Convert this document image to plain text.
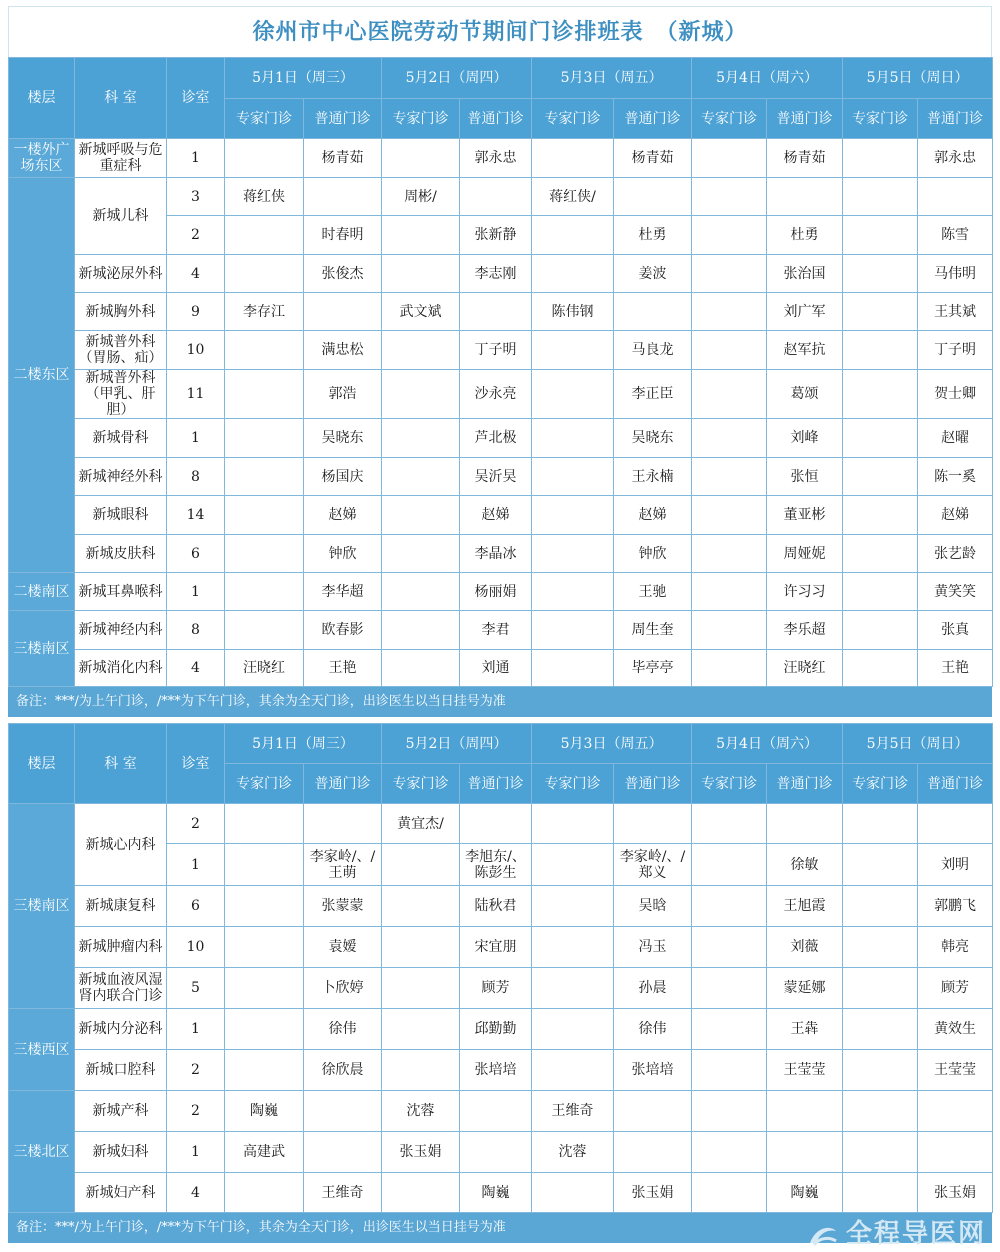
徐州市中心医院劳动节期间门诊排班表　（新城）
楼层	科 室	诊室	5月1日（周三）		5月2日（周四）		5月3日（周五）		5月4日（周六）		5月5日（周日）	
			专家门诊	普通门诊	专家门诊	普通门诊	专家门诊	普通门诊	专家门诊	普通门诊	专家门诊	普通门诊
一楼外广场东区	新城呼吸与危重症科	1		杨青茹		郭永忠		杨青茹		杨青茹		郭永忠
二楼东区	新城儿科	3	蒋红侠		周彬/		蒋红侠/					
		2		时春明		张新静		杜勇		杜勇		陈雪
	新城泌尿外科	4		张俊杰		李志刚		姜波		张治国		马伟明
	新城胸外科	9	李存江		武文斌		陈伟钢			刘广军		王其斌
	新城普外科（胃肠、疝）	10		满忠松		丁子明		马良龙		赵军抗		丁子明
	新城普外科 （甲乳、肝胆）	11		郭浩		沙永亮		李正臣		葛颂		贺士卿
	新城骨科	1		吴晓东		芦北极		吴晓东		刘峰		赵曜
	新城神经外科	8		杨国庆		吴沂旲		王永楠		张恒		陈一奚
	新城眼科	14		赵娣		赵娣		赵娣		董亚彬		赵娣
	新城皮肤科	6		钟欣		李晶冰		钟欣		周娅妮		张艺龄
二楼南区	新城耳鼻喉科	1		李华超		杨丽娟		王驰		许习习		黄笑笑
三楼南区	新城神经内科	8		欧春影		李君		周生奎		李乐超		张真
	新城消化内科	4	汪晓红	王艳		刘通		毕亭亭		汪晓红		王艳
备注：***/为上午门诊，/***为下午门诊，其余为全天门诊，出诊医生以当日挂号为准
楼层	科 室	诊室	5月1日（周三）		5月2日（周四）		5月3日（周五）		5月4日（周六）		5月5日（周日）	
			专家门诊	普通门诊	专家门诊	普通门诊	专家门诊	普通门诊	专家门诊	普通门诊	专家门诊	普通门诊
三楼南区	新城心内科	2			黄宜杰/							
		1		李家岭/、/王萌		李旭东/、陈彭生		李家岭/、/郑义		徐敏		刘明
	新城康复科	6		张蒙蒙		陆秋君		吴晗		王旭霞		郭鹏飞
	新城肿瘤内科	10		袁嫒		宋宜朋		冯玉		刘薇		韩亮
	新城血液风湿肾内联合门诊	5		卜欣婷		顾芳		孙晨		蒙延娜		顾芳
三楼西区	新城内分泌科	1		徐伟		邱勤勤		徐伟		王犇		黄效生
	新城口腔科	2		徐欣晨		张培培		张培培		王莹莹		王莹莹
三楼北区	新城产科	2	陶巍		沈蓉		王维奇					
	新城妇科	1	高建武		张玉娟		沈蓉					
	新城妇产科	4		王维奇		陶巍		张玉娟		陶巍		张玉娟
备注：***/为上午门诊，/***为下午门诊，其余为全天门诊，出诊医生以当日挂号为准	全程导医网
